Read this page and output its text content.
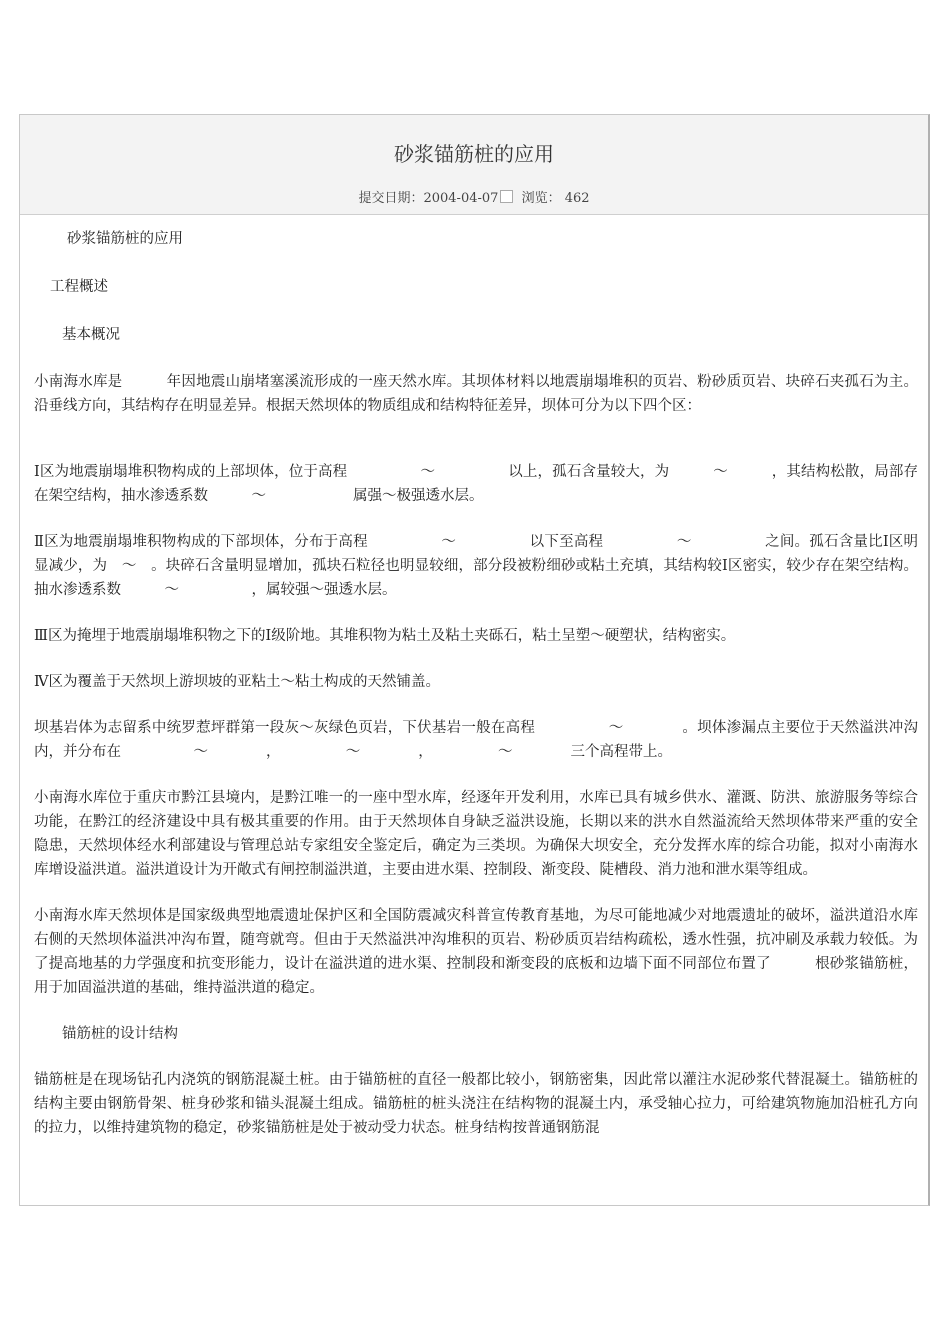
砂浆锚筋桩的应用
提交日期：2004-04-07 浏览： 462

砂浆锚筋桩的应用

工程概述

基本概况

小南海水库是　　　年因地震山崩堵塞溪流形成的一座天然水库。其坝体材料以地震崩塌堆积的页岩、粉砂质页岩、块碎石夹孤石为主。沿垂线方向，其结构存在明显差异。根据天然坝体的物质组成和结构特征差异，坝体可分为以下四个区：

Ⅰ区为地震崩塌堆积物构成的上部坝体，位于高程　　　　　～　　　　　以上，孤石含量较大，为　　　～　　　，其结构松散，局部存在架空结构，抽水渗透系数　　　～　　　　　　属强～极强透水层。

Ⅱ区为地震崩塌堆积物构成的下部坝体，分布于高程　　　　　～　　　　　以下至高程　　　　　～　　　　　之间。孤石含量比Ⅰ区明显减少，为　～　。块碎石含量明显增加，孤块石粒径也明显较细，部分段被粉细砂或粘土充填，其结构较Ⅰ区密实，较少存在架空结构。抽水渗透系数　　　～　　　　　，属较强～强透水层。

Ⅲ区为掩埋于地震崩塌堆积物之下的Ⅰ级阶地。其堆积物为粘土及粘土夹砾石，粘土呈塑～硬塑状，结构密实。

Ⅳ区为覆盖于天然坝上游坝坡的亚粘土～粘土构成的天然铺盖。

坝基岩体为志留系中统罗惹坪群第一段灰～灰绿色页岩，下伏基岩一般在高程　　　　　～　　　　。坝体渗漏点主要位于天然溢洪冲沟内，并分布在　　　　　～　　　　，　　　　　～　　　　，　　　　　～　　　　三个高程带上。

小南海水库位于重庆市黔江县境内，是黔江唯一的一座中型水库，经逐年开发利用，水库已具有城乡供水、灌溉、防洪、旅游服务等综合功能，在黔江的经济建设中具有极其重要的作用。由于天然坝体自身缺乏溢洪设施，长期以来的洪水自然溢流给天然坝体带来严重的安全隐患，天然坝体经水利部建设与管理总站专家组安全鉴定后，确定为三类坝。为确保大坝安全，充分发挥水库的综合功能，拟对小南海水库增设溢洪道。溢洪道设计为开敞式有闸控制溢洪道，主要由进水渠、控制段、渐变段、陡槽段、消力池和泄水渠等组成。

小南海水库天然坝体是国家级典型地震遗址保护区和全国防震减灾科普宣传教育基地，为尽可能地减少对地震遗址的破坏，溢洪道沿水库右侧的天然坝体溢洪冲沟布置，随弯就弯。但由于天然溢洪冲沟堆积的页岩、粉砂质页岩结构疏松，透水性强，抗冲刷及承载力较低。为了提高地基的力学强度和抗变形能力，设计在溢洪道的进水渠、控制段和渐变段的底板和边墙下面不同部位布置了　　　根砂浆锚筋桩，用于加固溢洪道的基础，维持溢洪道的稳定。

锚筋桩的设计结构

锚筋桩是在现场钻孔内浇筑的钢筋混凝土桩。由于锚筋桩的直径一般都比较小，钢筋密集，因此常以灌注水泥砂浆代替混凝土。锚筋桩的结构主要由钢筋骨架、桩身砂浆和锚头混凝土组成。锚筋桩的桩头浇注在结构物的混凝土内，承受轴心拉力，可给建筑物施加沿桩孔方向的拉力，以维持建筑物的稳定，砂浆锚筋桩是处于被动受力状态。桩身结构按普通钢筋混
